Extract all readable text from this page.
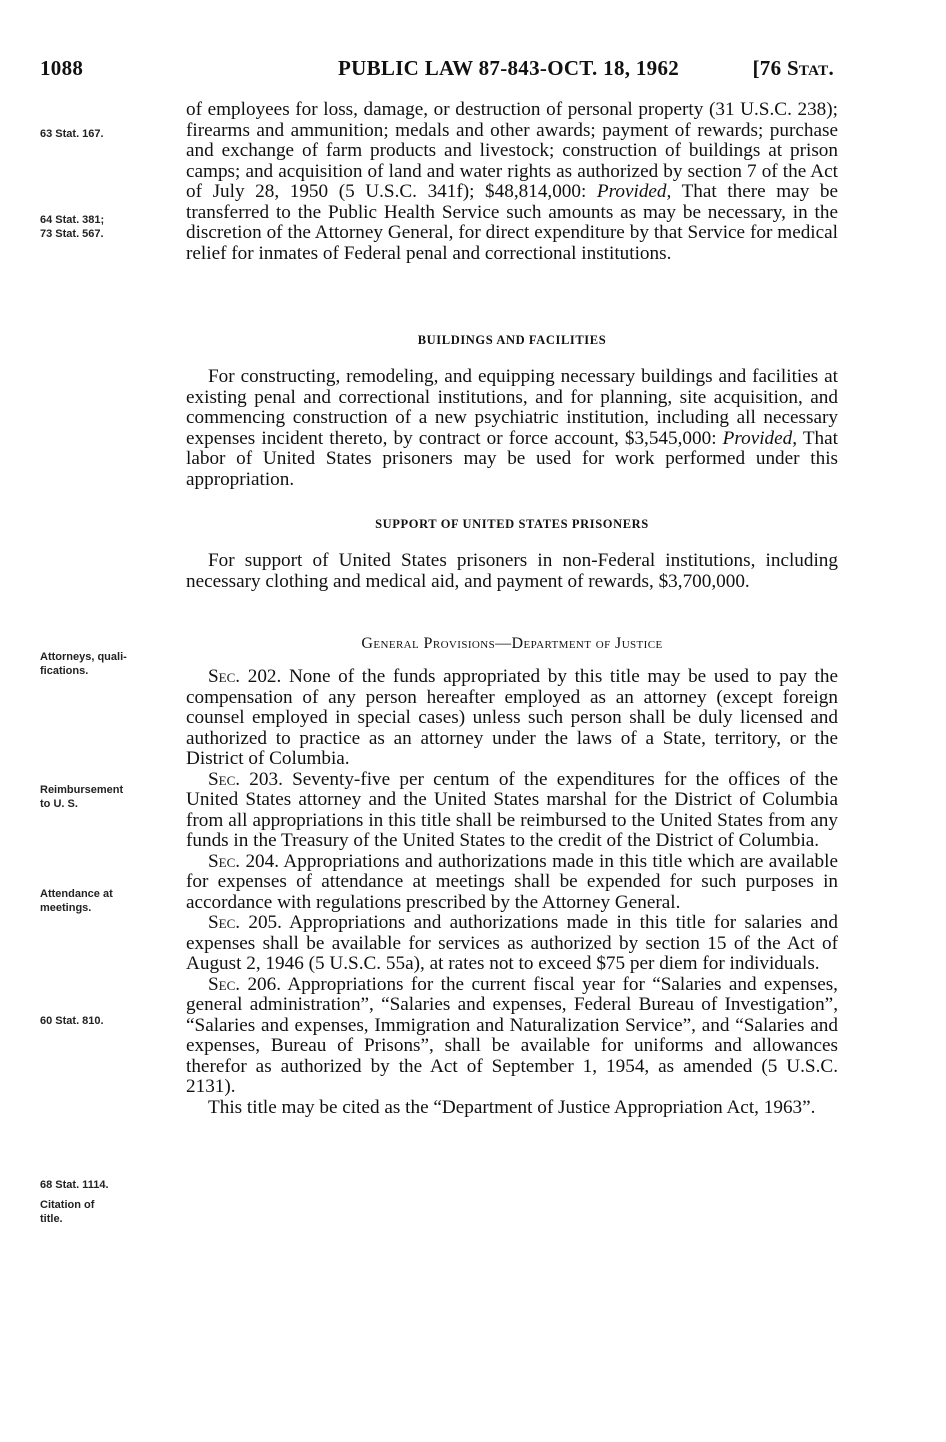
1088	PUBLIC LAW 87-843-OCT. 18, 1962	[76 Stat.
63 Stat. 167.
64 Stat. 381;
73 Stat. 567.
Attorneys, quali-
fications.
Reimbursement
to U. S.
Attendance at
meetings.
60 Stat. 810.
68 Stat. 1114.
Citation of
title.

of employees for loss, damage, or destruction of personal property (31 U.S.C. 238); firearms and ammunition; medals and other awards; payment of rewards; purchase and exchange of farm products and livestock; construction of buildings at prison camps; and acquisition of land and water rights as authorized by section 7 of the Act of July 28, 1950 (5 U.S.C. 341f); $48,814,000: Provided, That there may be transferred to the Public Health Service such amounts as may be necessary, in the discretion of the Attorney General, for direct expenditure by that Service for medical relief for inmates of Federal penal and correctional institutions.

BUILDINGS AND FACILITIES

For constructing, remodeling, and equipping necessary buildings and facilities at existing penal and correctional institutions, and for planning, site acquisition, and commencing construction of a new psychiatric institution, including all necessary expenses incident thereto, by contract or force account, $3,545,000: Provided, That labor of United States prisoners may be used for work performed under this appropriation.

SUPPORT OF UNITED STATES PRISONERS

For support of United States prisoners in non-Federal institutions, including necessary clothing and medical aid, and payment of rewards, $3,700,000.

General Provisions—Department of Justice

Sec. 202. None of the funds appropriated by this title may be used to pay the compensation of any person hereafter employed as an attorney (except foreign counsel employed in special cases) unless such person shall be duly licensed and authorized to practice as an attorney under the laws of a State, territory, or the District of Columbia.

Sec. 203. Seventy-five per centum of the expenditures for the offices of the United States attorney and the United States marshal for the District of Columbia from all appropriations in this title shall be reimbursed to the United States from any funds in the Treasury of the United States to the credit of the District of Columbia.

Sec. 204. Appropriations and authorizations made in this title which are available for expenses of attendance at meetings shall be expended for such purposes in accordance with regulations prescribed by the Attorney General.

Sec. 205. Appropriations and authorizations made in this title for salaries and expenses shall be available for services as authorized by section 15 of the Act of August 2, 1946 (5 U.S.C. 55a), at rates not to exceed $75 per diem for individuals.

Sec. 206. Appropriations for the current fiscal year for “Salaries and expenses, general administration”, “Salaries and expenses, Federal Bureau of Investigation”, “Salaries and expenses, Immigration and Naturalization Service”, and “Salaries and expenses, Bureau of Prisons”, shall be available for uniforms and allowances therefor as authorized by the Act of September 1, 1954, as amended (5 U.S.C. 2131).

This title may be cited as the “Department of Justice Appropriation Act, 1963”.
